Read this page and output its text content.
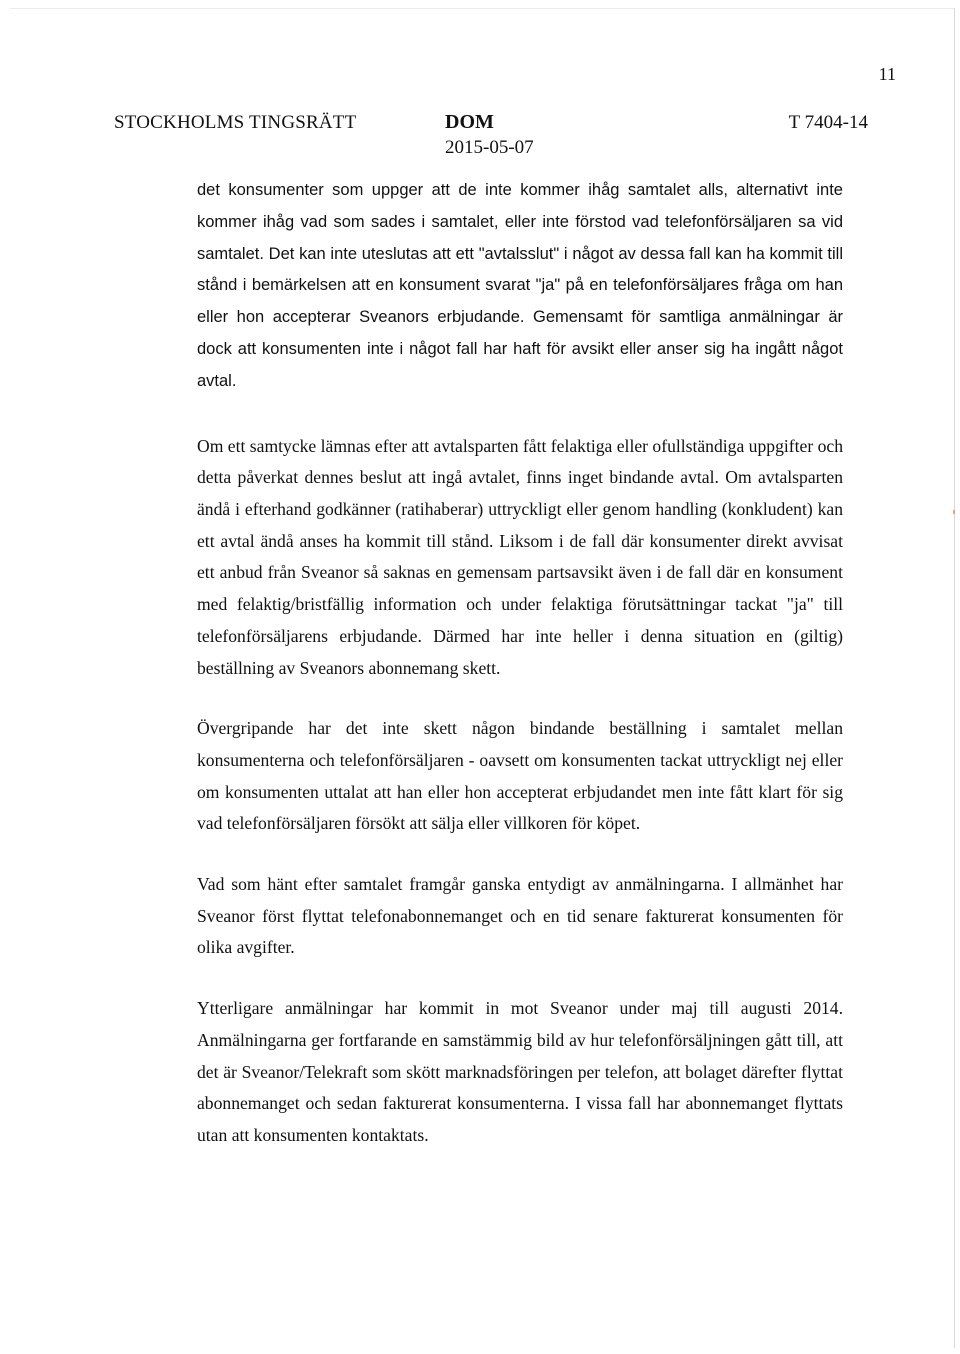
11
STOCKHOLMS TINGSRÄTT	DOM
2015-05-07
T 7404-14

det konsumenter som uppger att de inte kommer ihåg samtalet alls, alternativt inte kommer ihåg vad som sades i samtalet, eller inte förstod vad telefonförsäljaren sa vid samtalet. Det kan inte uteslutas att ett "avtalsslut" i något av dessa fall kan ha kommit till stånd i bemärkelsen att en konsument svarat "ja" på en telefonförsäljares fråga om han eller hon accepterar Sveanors erbjudande. Gemensamt för samtliga anmälningar är dock att konsumenten inte i något fall har haft för avsikt eller anser sig ha ingått något avtal.

Om ett samtycke lämnas efter att avtalsparten fått felaktiga eller ofullständiga uppgifter och detta påverkat dennes beslut att ingå avtalet, finns inget bindande avtal. Om avtalsparten ändå i efterhand godkänner (ratihaberar) uttryckligt eller genom handling (konkludent) kan ett avtal ändå anses ha kommit till stånd. Liksom i de fall där konsumenter direkt avvisat ett anbud från Sveanor så saknas en gemensam partsavsikt även i de fall där en konsument med felaktig/bristfällig information och under felaktiga förutsättningar tackat "ja" till telefonförsäljarens erbjudande. Därmed har inte heller i denna situation en (giltig) beställning av Sveanors abonnemang skett.

Övergripande har det inte skett någon bindande beställning i samtalet mellan konsumenterna och telefonförsäljaren - oavsett om konsumenten tackat uttryckligt nej eller om konsumenten uttalat att han eller hon accepterat erbjudandet men inte fått klart för sig vad telefonförsäljaren försökt att sälja eller villkoren för köpet.

Vad som hänt efter samtalet framgår ganska entydigt av anmälningarna. I allmänhet har Sveanor först flyttat telefonabonnemanget och en tid senare fakturerat konsumenten för olika avgifter.

Ytterligare anmälningar har kommit in mot Sveanor under maj till augusti 2014. Anmälningarna ger fortfarande en samstämmig bild av hur telefonförsäljningen gått till, att det är Sveanor/Telekraft som skött marknadsföringen per telefon, att bolaget därefter flyttat abonnemanget och sedan fakturerat konsumenterna. I vissa fall har abonnemanget flyttats utan att konsumenten kontaktats.
